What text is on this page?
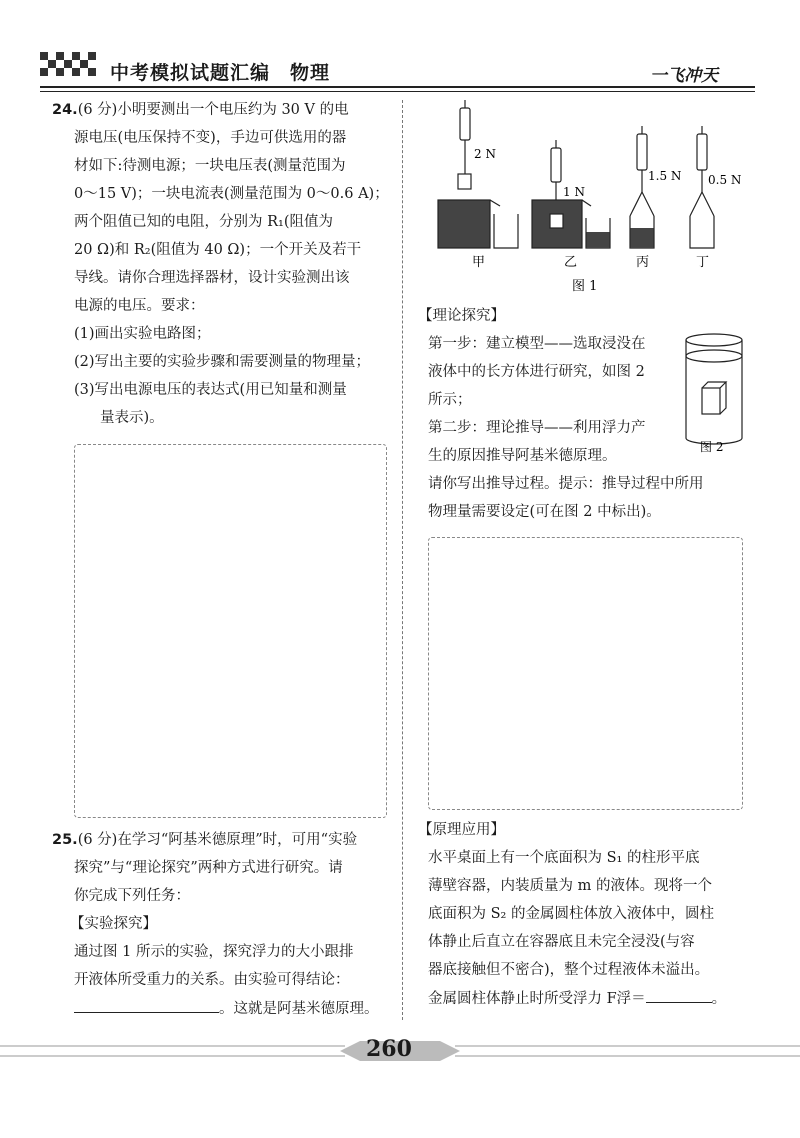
中考模拟试题汇编　物理	一飞冲天

24.(6 分)小明要测出一个电压约为 30 V 的电

源电压(电压保持不变)，手边可供选用的器

材如下:待测电源；一块电压表(测量范围为

0～15 V)；一块电流表(测量范围为 0～0.6 A)；

两个阻值已知的电阻，分别为 R₁(阻值为

20 Ω)和 R₂(阻值为 40 Ω)；一个开关及若干

导线。请你合理选择器材，设计实验测出该

电源的电压。要求：

(1)画出实验电路图；

(2)写出主要的实验步骤和需要测量的物理量；

(3)写出电源电压的表达式(用已知量和测量

量表示)。

25.(6 分)在学习“阿基米德原理”时，可用“实验

探究”与“理论探究”两种方式进行研究。请

你完成下列任务：

【实验探究】

通过图 1 所示的实验，探究浮力的大小跟排

开液体所受重力的关系。由实验可得结论：

。这就是阿基米德原理。

2 N
1 N
1.5 N 0.5 N
甲	乙	丙	丁
图 1

【理论探究】

第一步：建立模型——选取浸没在

液体中的长方体进行研究，如图 2

所示；

第二步：理论推导——利用浮力产

生的原因推导阿基米德原理。

请你写出推导过程。提示：推导过程中所用

物理量需要设定(可在图 2 中标出)。

图 2

【原理应用】

水平桌面上有一个底面积为 S₁ 的柱形平底

薄壁容器，内装质量为 m 的液体。现将一个

底面积为 S₂ 的金属圆柱体放入液体中，圆柱

体静止后直立在容器底且未完全浸没(与容

器底接触但不密合)，整个过程液体未溢出。

金属圆柱体静止时所受浮力 F浮＝	。

260
